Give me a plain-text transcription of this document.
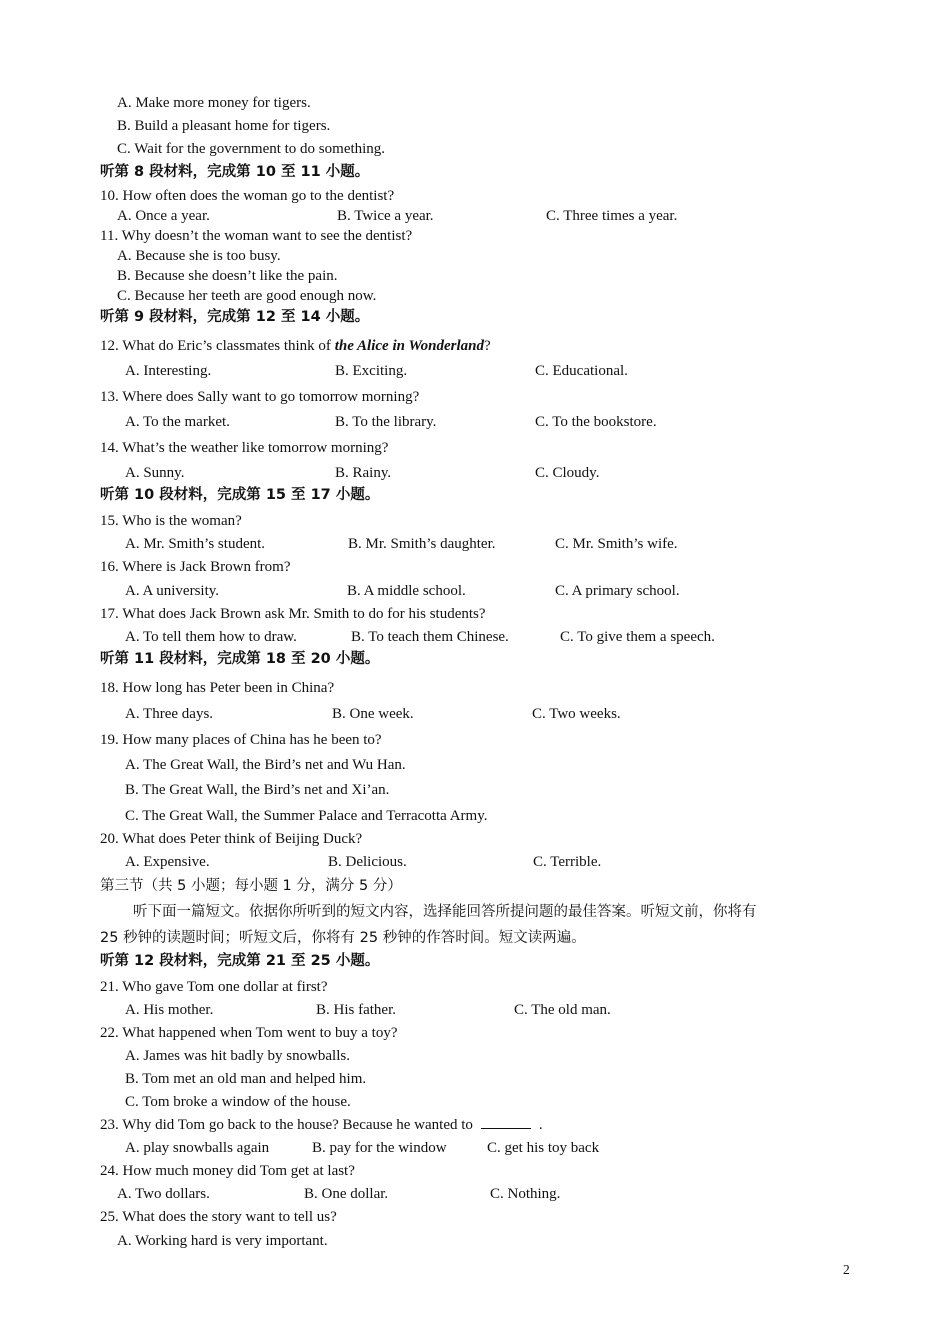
A. Make more money for tigers.
B. Build a pleasant home for tigers.
C. Wait for the government to do something.
听第 8 段材料，完成第 10 至 11 小题。
10. How often does the woman go to the dentist?
A. Once a year.	B. Twice a year.	C. Three times a year.
11. Why doesn’t the woman want to see the dentist?
A. Because she is too busy.
B. Because she doesn’t like the pain.
C. Because her teeth are good enough now.
听第 9 段材料，完成第 12 至 14 小题。
12. What do Eric’s classmates think of the Alice in Wonderland?
A. Interesting.	B. Exciting.	C. Educational.
13. Where does Sally want to go tomorrow morning?
A. To the market.	B. To the library.	C. To the bookstore.
14. What’s the weather like tomorrow morning?
A. Sunny.	B. Rainy.	C. Cloudy.
听第 10 段材料，完成第 15 至 17 小题。
15. Who is the woman?
A. Mr. Smith’s student.	B. Mr. Smith’s daughter.	C. Mr. Smith’s wife.
16. Where is Jack Brown from?
A. A university.	B. A middle school.	C. A primary school.
17. What does Jack Brown ask Mr. Smith to do for his students?
A. To tell them how to draw.	B. To teach them Chinese.	C. To give them a speech.
听第 11 段材料，完成第 18 至 20 小题。
18. How long has Peter been in China?
A. Three days.	B. One week.	C. Two weeks.
19. How many places of China has he been to?
A. The Great Wall, the Bird’s net and Wu Han.
B. The Great Wall, the Bird’s net and Xi’an.
C. The Great Wall, the Summer Palace and Terracotta Army.
20. What does Peter think of Beijing Duck?
A. Expensive.	B. Delicious.	C. Terrible.
第三节（共 5 小题；每小题 1 分，满分 5 分）
听下面一篇短文。依据你所听到的短文内容，选择能回答所提问题的最佳答案。听短文前，你将有
25 秒钟的读题时间；听短文后，你将有 25 秒钟的作答时间。短文读两遍。
听第 12 段材料，完成第 21 至 25 小题。
21. Who gave Tom one dollar at first?
A. His mother.	B. His father.	C. The old man.
22. What happened when Tom went to buy a toy?
A. James was hit badly by snowballs.
B. Tom met an old man and helped him.
C. Tom broke a window of the house.
23. Why did Tom go back to the house? Because he wanted to	.
A. play snowballs again	B. pay for the window	C. get his toy back
24. How much money did Tom get at last?
A. Two dollars.	B. One dollar.	C. Nothing.
25. What does the story want to tell us?
A. Working hard is very important.
2
